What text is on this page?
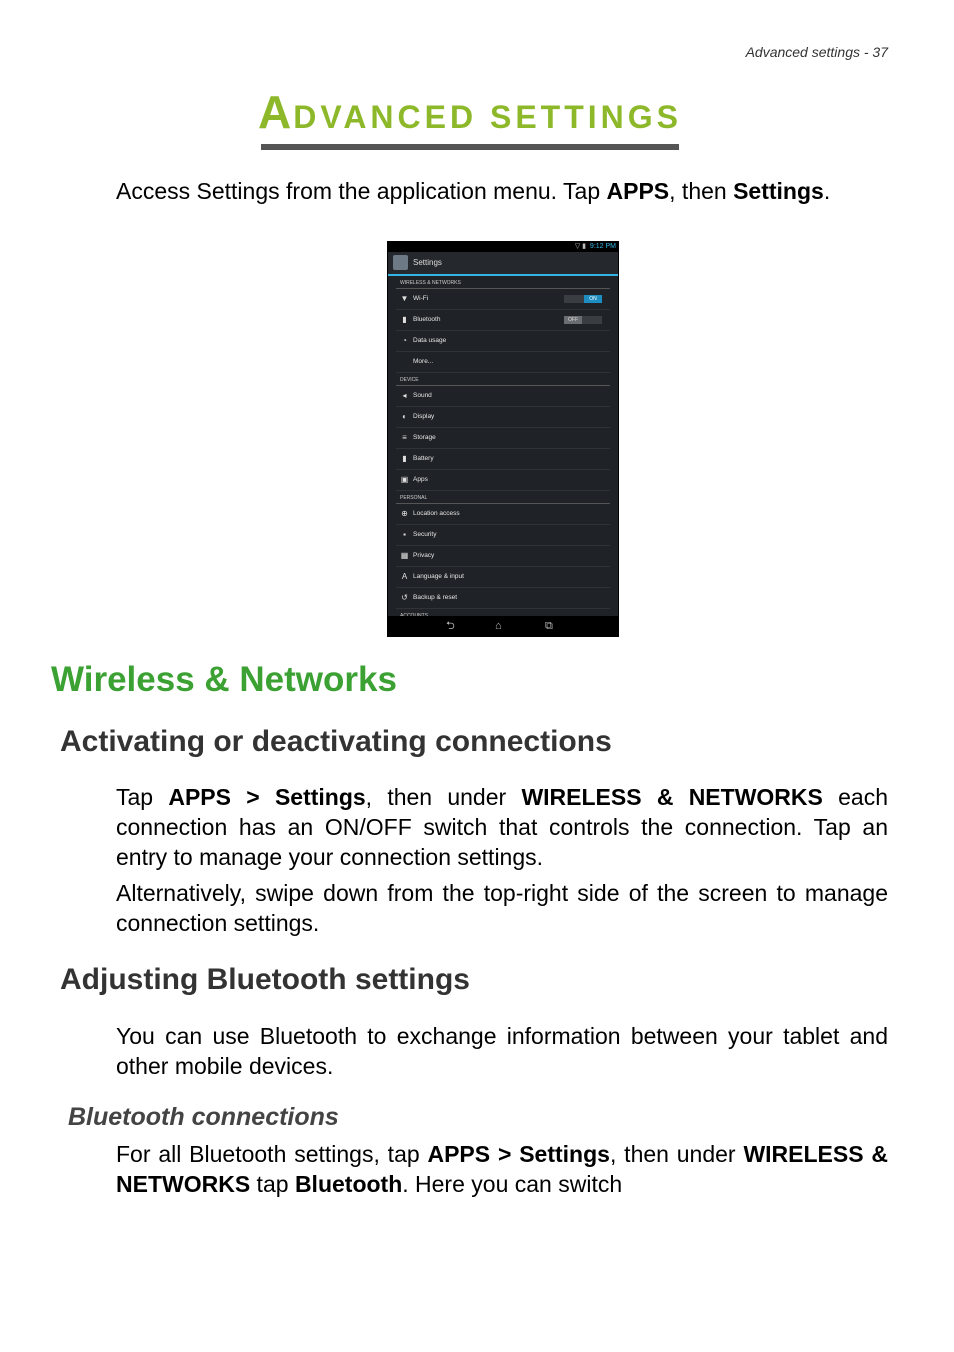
Advanced settings - 37
ADVANCED SETTINGS

Access Settings from the application menu. Tap APPS, then Settings.

▽ ▮ 9:12 PM
Settings
WIRELESS & NETWORKS
▼ Wi-Fi	ON
▮ Bluetooth	OFF
◔ Data usage
More...
DEVICE
◂	Sound
◐ Display
≡ Storage
▮ Battery
▣ Apps
PERSONAL
⊕ Location access
▪	Security
▦ Privacy
A Language & input
↺ Backup & reset
⮌	⌂	⧉
Wireless & Networks
Activating or deactivating connections

Tap APPS > Settings, then under WIRELESS & NETWORKS each connection has an ON/OFF switch that controls the connection. Tap an entry to manage your connection settings.

Alternatively, swipe down from the top-right side of the screen to manage connection settings.

Adjusting Bluetooth settings

You can use Bluetooth to exchange information between your tablet and other mobile devices.

Bluetooth connections

For all Bluetooth settings, tap APPS > Settings, then under WIRELESS & NETWORKS tap Bluetooth. Here you can switch
